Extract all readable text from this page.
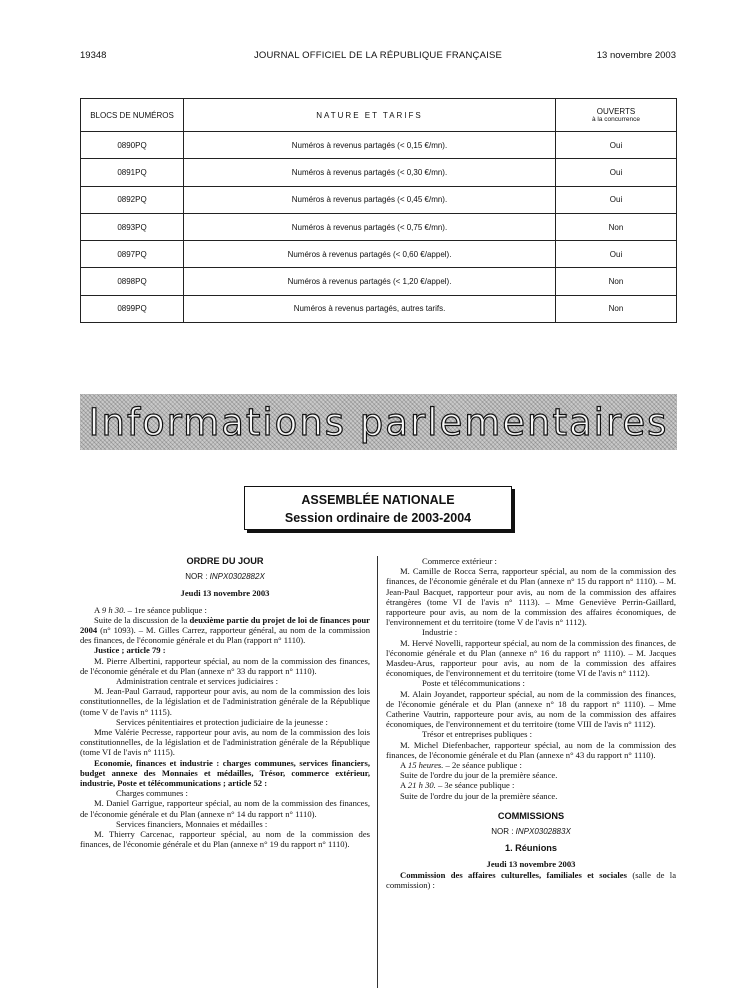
19348	JOURNAL OFFICIEL DE LA RÉPUBLIQUE FRANÇAISE	13 novembre 2003
BLOCS DE NUMÉROS	NATURE ET TARIFS	OUVERTS
à la concurrence

0890PQ	Numéros à revenus partagés (< 0,15 €/mn).	Oui
0891PQ	Numéros à revenus partagés (< 0,30 €/mn).	Oui
0892PQ	Numéros à revenus partagés (< 0,45 €/mn).	Oui
0893PQ	Numéros à revenus partagés (< 0,75 €/mn).	Non
0897PQ	Numéros à revenus partagés (< 0,60 €/appel).	Oui
0898PQ	Numéros à revenus partagés (< 1,20 €/appel).	Non
0899PQ	Numéros à revenus partagés, autres tarifs.	Non
Informations parlementaires
ASSEMBLÉE NATIONALE
Session ordinaire de 2003-2004

ORDRE DU JOUR

NOR : INPX0302882X

Jeudi 13 novembre 2003

A 9 h 30. – 1re séance publique :

Suite de la discussion de la deuxième partie du projet de loi de finances pour 2004 (n° 1093). – M. Gilles Carrez, rapporteur général, au nom de la commission des finances, de l'économie générale et du Plan (rapport n° 1110).

Justice ; article 79 :

M. Pierre Albertini, rapporteur spécial, au nom de la commission des finances, de l'économie générale et du Plan (annexe n° 33 du rapport n° 1110).

Administration centrale et services judiciaires :

M. Jean-Paul Garraud, rapporteur pour avis, au nom de la commission des lois constitutionnelles, de la législation et de l'administration générale de la République (tome V de l'avis n° 1115).

Services pénitentiaires et protection judiciaire de la jeunesse :

Mme Valérie Pecresse, rapporteur pour avis, au nom de la commission des lois constitutionnelles, de la législation et de l'administration générale de la République (tome VI de l'avis n° 1115).

Economie, finances et industrie : charges communes, services financiers, budget annexe des Monnaies et médailles, Trésor, commerce extérieur, industrie, Poste et télécommunications ; article 52 :

Charges communes :

M. Daniel Garrigue, rapporteur spécial, au nom de la commission des finances, de l'économie générale et du Plan (annexe n° 14 du rapport n° 1110).

Services financiers, Monnaies et médailles :

M. Thierry Carcenac, rapporteur spécial, au nom de la commission des finances, de l'économie générale et du Plan (annexe n° 19 du rapport n° 1110).

Commerce extérieur :

M. Camille de Rocca Serra, rapporteur spécial, au nom de la commission des finances, de l'économie générale et du Plan (annexe n° 15 du rapport n° 1110). – M. Jean-Paul Bacquet, rapporteur pour avis, au nom de la commission des affaires étrangères (tome VI de l'avis n° 1113). – Mme Geneviève Perrin-Gaillard, rapporteure pour avis, au nom de la commission des affaires économiques, de l'environnement et du territoire (tome V de l'avis n° 1112).

Industrie :

M. Hervé Novelli, rapporteur spécial, au nom de la commission des finances, de l'économie générale et du Plan (annexe n° 16 du rapport n° 1110). – M. Jacques Masdeu-Arus, rapporteur pour avis, au nom de la commission des affaires économiques, de l'environnement et du territoire (tome VI de l'avis n° 1112).

Poste et télécommunications :

M. Alain Joyandet, rapporteur spécial, au nom de la commission des finances, de l'économie générale et du Plan (annexe n° 18 du rapport n° 1110). – Mme Catherine Vautrin, rapporteure pour avis, au nom de la commission des affaires économiques, de l'environnement et du territoire (tome VIII de l'avis n° 1112).

Trésor et entreprises publiques :

M. Michel Diefenbacher, rapporteur spécial, au nom de la commission des finances, de l'économie générale et du Plan (annexe n° 43 du rapport n° 1110).

A 15 heures. – 2e séance publique :

Suite de l'ordre du jour de la première séance.

A 21 h 30. – 3e séance publique :

Suite de l'ordre du jour de la première séance.

COMMISSIONS

NOR : INPX0302883X

1. Réunions

Jeudi 13 novembre 2003

Commission des affaires culturelles, familiales et sociales (salle de la commission) :
